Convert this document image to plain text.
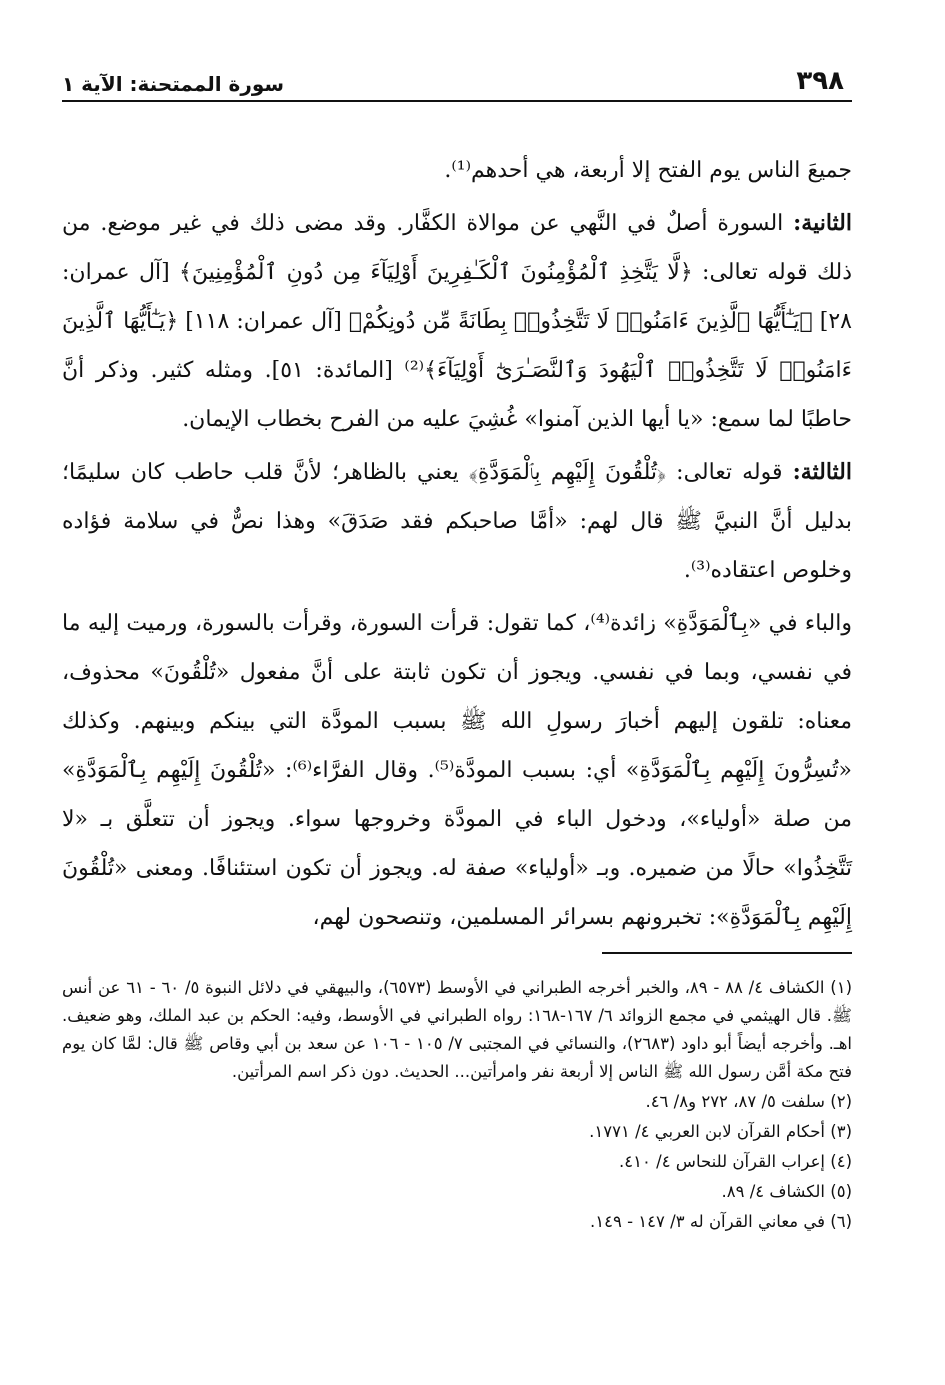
٣٩٨
سورة الممتحنة: الآية ١

جميعَ الناس يوم الفتح إلا أربعة، هي أحدهم⁽¹⁾.

الثانية: السورة أصلٌ في النَّهي عن موالاة الكفَّار. وقد مضى ذلك في غير موضع. من ذلك قوله تعالى: ﴿لَّا يَتَّخِذِ ٱلْمُؤْمِنُونَ ٱلْكَـٰفِرِينَ أَوْلِيَآءَ مِن دُونِ ٱلْمُؤْمِنِينَ﴾ [آل عمران: ٢٨] ﴿يَـٰٓأَيُّهَا ٱلَّذِينَ ءَامَنُوا۟ لَا تَتَّخِذُوا۟ بِطَانَةً مِّن دُونِكُمْ﴾ [آل عمران: ١١٨] ﴿يَـٰٓأَيُّهَا ٱلَّذِينَ ءَامَنُوا۟ لَا تَتَّخِذُوا۟ ٱلْيَهُودَ وَٱلنَّصَـٰرَىٰٓ أَوْلِيَآءَ﴾⁽²⁾ [المائدة: ٥١]. ومثله كثير. وذكر أنَّ حاطبًا لما سمع: «يا أيها الذين آمنوا» غُشِيَ عليه من الفرح بخطاب الإيمان.

الثالثة: قوله تعالى: ﴿تُلْقُونَ إِلَيْهِم بِٱلْمَوَدَّةِ﴾ يعني بالظاهر؛ لأنَّ قلب حاطب كان سليمًا؛ بدليل أنَّ النبيَّ ﷺ قال لهم: «أمَّا صاحبكم فقد صَدَقَ» وهذا نصٌّ في سلامة فؤاده وخلوص اعتقاده⁽³⁾.

والباء في «بِٱلْمَوَدَّةِ» زائدة⁽⁴⁾، كما تقول: قرأت السورة، وقرأت بالسورة، ورميت إليه ما في نفسي، وبما في نفسي. ويجوز أن تكون ثابتة على أنَّ مفعول «تُلْقُونَ» محذوف، معناه: تلقون إليهم أخبارَ رسولِ الله ﷺ بسبب المودَّة التي بينكم وبينهم. وكذلك «تُسِرُّونَ إِلَيْهِم بِٱلْمَوَدَّةِ» أي: بسبب المودَّة⁽⁵⁾. وقال الفرَّاء⁽⁶⁾: «تُلْقُونَ إِلَيْهِم بِٱلْمَوَدَّةِ» من صلة «أولياء»، ودخول الباء في المودَّة وخروجها سواء. ويجوز أن تتعلَّق بـ «لا تَتَّخِذُوا» حالًا من ضميره. وبـ «أولياء» صفة له. ويجوز أن تكون استئنافًا. ومعنى «تُلْقُونَ إِلَيْهِم بِٱلْمَوَدَّةِ»: تخبرونهم بسرائر المسلمين، وتنصحون لهم،

(١) الكشاف ٤/ ٨٨ - ٨٩، والخبر أخرجه الطبراني في الأوسط (٦٥٧٣)، والبيهقي في دلائل النبوة ٥/ ٦٠ - ٦١ عن أنس ﷺ. قال الهيثمي في مجمع الزوائد ٦/ ١٦٧-١٦٨: رواه الطبراني في الأوسط، وفيه: الحكم بن عبد الملك، وهو ضعيف. اهـ. وأخرجه أيضاً أبو داود (٢٦٨٣)، والنسائي في المجتبى ٧/ ١٠٥ - ١٠٦ عن سعد بن أبي وقاص ﷺ قال: لمَّا كان يوم فتح مكة أمَّن رسول الله ﷺ الناس إلا أربعة نفر وامرأتين... الحديث. دون ذكر اسم المرأتين.

(٢) سلفت ٥/ ٨٧، ٢٧٢ و٨/ ٤٦.

(٣) أحكام القرآن لابن العربي ٤/ ١٧٧١.

(٤) إعراب القرآن للنحاس ٤/ ٤١٠.

(٥) الكشاف ٤/ ٨٩.

(٦) في معاني القرآن له ٣/ ١٤٧ - ١٤٩.
